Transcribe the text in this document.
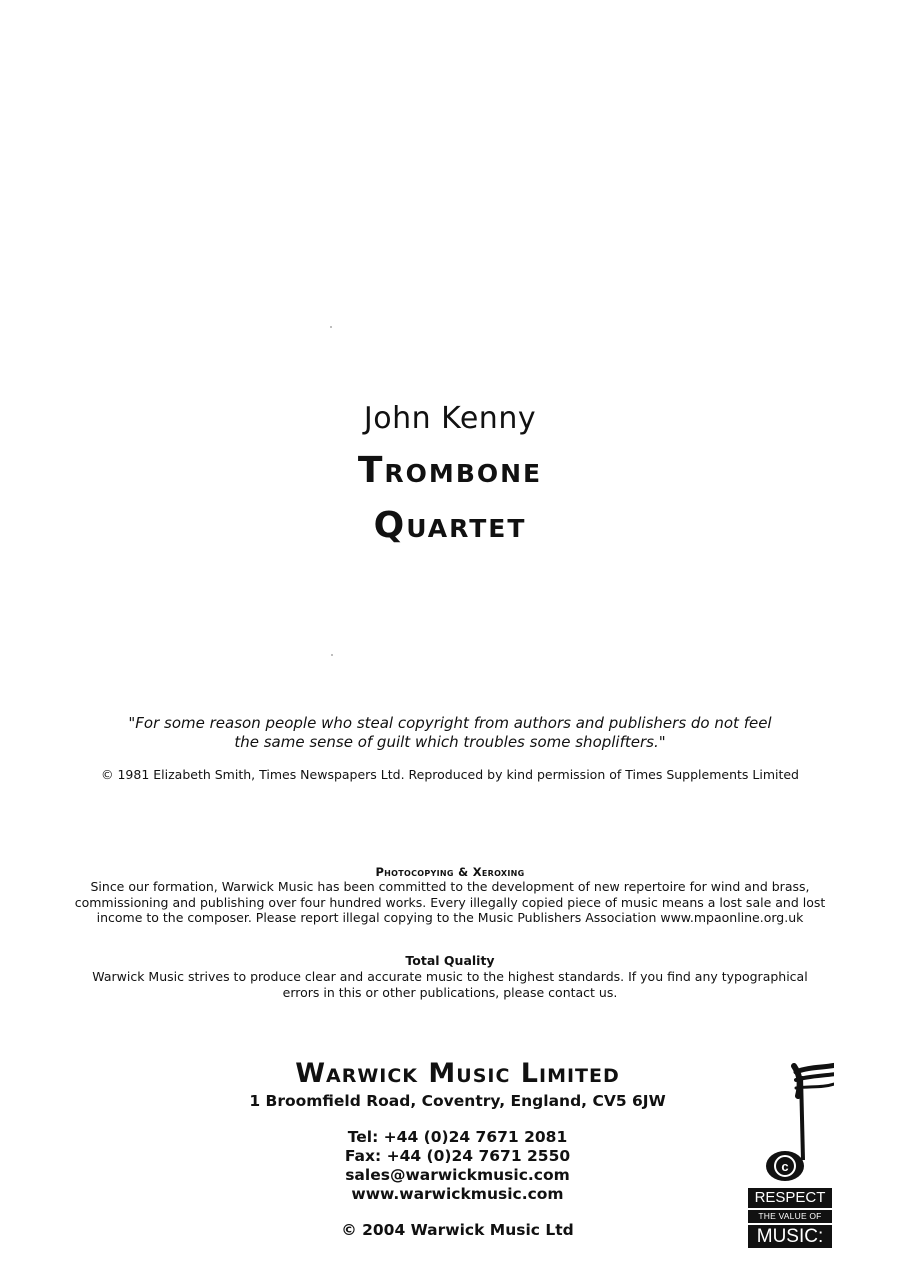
John Kenny
Trombone
Quartet
"For some reason people who steal copyright from authors and publishers do not feel
the same sense of guilt which troubles some shoplifters."
© 1981 Elizabeth Smith, Times Newspapers Ltd. Reproduced by kind permission of Times Supplements Limited
Photocopying & Xeroxing
Since our formation, Warwick Music has been committed to the development of new repertoire for wind and brass,
commissioning and publishing over four hundred works. Every illegally copied piece of music means a lost sale and lost
income to the composer. Please report illegal copying to the Music Publishers Association www.mpaonline.org.uk
Total Quality
Warwick Music strives to produce clear and accurate music to the highest standards. If you find any typographical
errors in this or other publications, please contact us.
Warwick Music Limited
1 Broomfield Road, Coventry, England, CV5 6JW
Tel: +44 (0)24 7671 2081
Fax: +44 (0)24 7671 2550
sales@warwickmusic.com
www.warwickmusic.com
© 2004 Warwick Music Ltd
c
RESPECT
THE VALUE OF
MUSIC:
